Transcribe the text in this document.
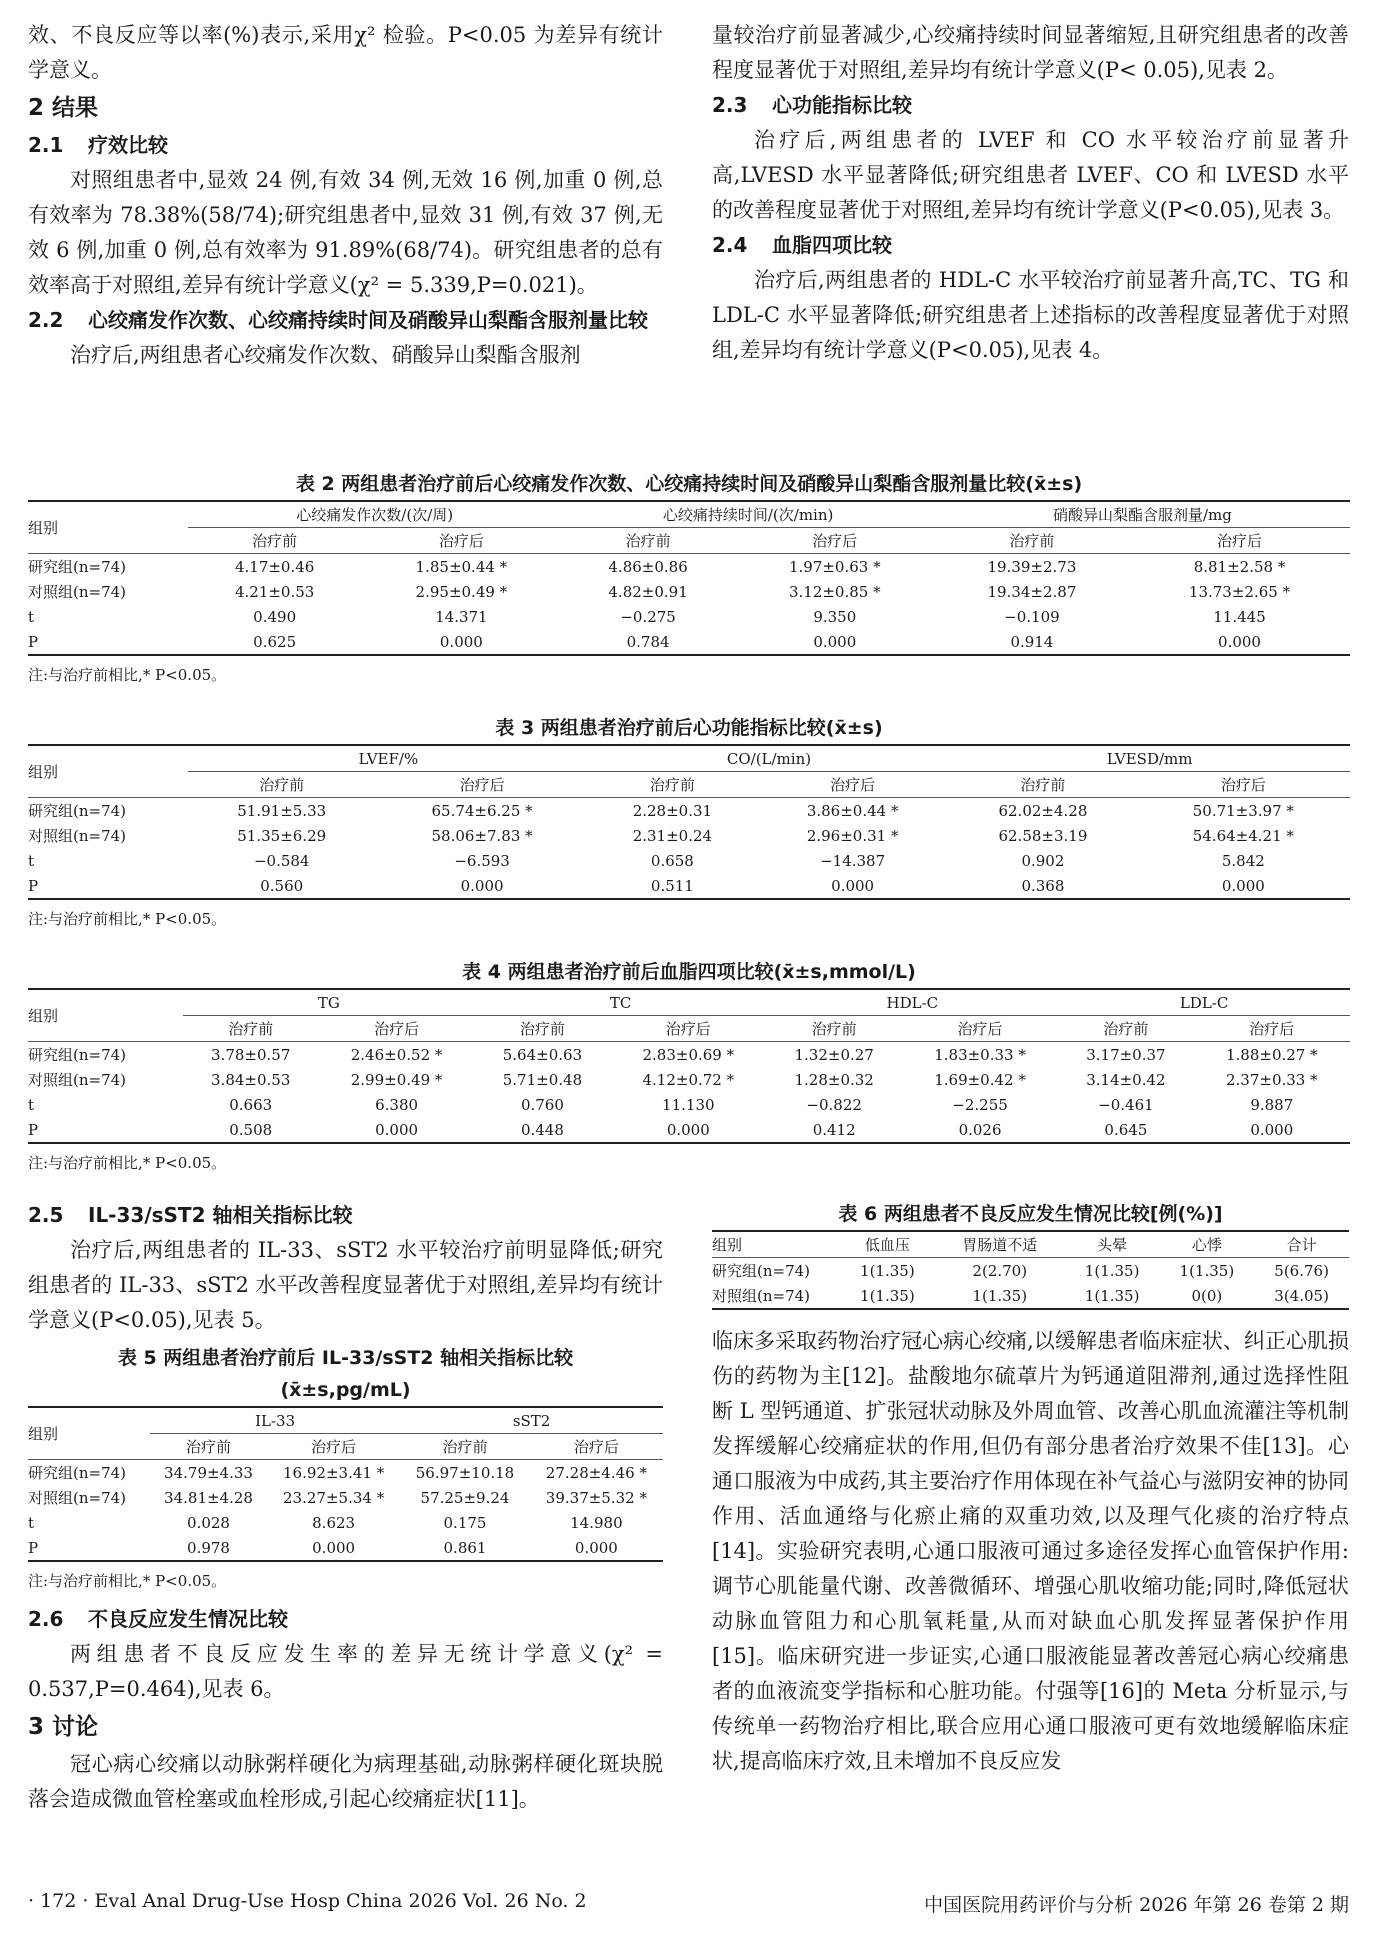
效、不良反应等以率(%)表示,采用χ² 检验。P<0.05 为差异有统计学意义。

2 结果
2.1 疗效比较

对照组患者中,显效 24 例,有效 34 例,无效 16 例,加重 0 例,总有效率为 78.38%(58/74);研究组患者中,显效 31 例,有效 37 例,无效 6 例,加重 0 例,总有效率为 91.89%(68/74)。研究组患者的总有效率高于对照组,差异有统计学意义(χ² = 5.339,P=0.021)。

2.2 心绞痛发作次数、心绞痛持续时间及硝酸异山梨酯含服剂量比较

治疗后,两组患者心绞痛发作次数、硝酸异山梨酯含服剂

量较治疗前显著减少,心绞痛持续时间显著缩短,且研究组患者的改善程度显著优于对照组,差异均有统计学意义(P< 0.05),见表 2。

2.3 心功能指标比较

治疗后,两组患者的 LVEF 和 CO 水平较治疗前显著升高,LVESD 水平显著降低;研究组患者 LVEF、CO 和 LVESD 水平的改善程度显著优于对照组,差异均有统计学意义(P<0.05),见表 3。

2.4 血脂四项比较

治疗后,两组患者的 HDL-C 水平较治疗前显著升高,TC、TG 和 LDL-C 水平显著降低;研究组患者上述指标的改善程度显著优于对照组,差异均有统计学意义(P<0.05),见表 4。

表 2 两组患者治疗前后心绞痛发作次数、心绞痛持续时间及硝酸异山梨酯含服剂量比较(x̄±s)
组别	心绞痛发作次数/(次/周)		心绞痛持续时间/(次/min)		硝酸异山梨酯含服剂量/mg	
	治疗前	治疗后	治疗前	治疗后	治疗前	治疗后
研究组(n=74)	4.17±0.46	1.85±0.44 *	4.86±0.86	1.97±0.63 *	19.39±2.73	8.81±2.58 *
对照组(n=74)	4.21±0.53	2.95±0.49 *	4.82±0.91	3.12±0.85 *	19.34±2.87	13.73±2.65 *
t	0.490	14.371	−0.275	9.350	−0.109	11.445
P	0.625	0.000	0.784	0.000	0.914	0.000
注:与治疗前相比,* P<0.05。
表 3 两组患者治疗前后心功能指标比较(x̄±s)
组别	LVEF/%		CO/(L/min)		LVESD/mm	
	治疗前	治疗后	治疗前	治疗后	治疗前	治疗后
研究组(n=74)	51.91±5.33	65.74±6.25 *	2.28±0.31	3.86±0.44 *	62.02±4.28	50.71±3.97 *
对照组(n=74)	51.35±6.29	58.06±7.83 *	2.31±0.24	2.96±0.31 *	62.58±3.19	54.64±4.21 *
t	−0.584	−6.593	0.658	−14.387	0.902	5.842
P	0.560	0.000	0.511	0.000	0.368	0.000
注:与治疗前相比,* P<0.05。
表 4 两组患者治疗前后血脂四项比较(x̄±s,mmol/L)
组别	TG		TC		HDL-C		LDL-C	
	治疗前	治疗后	治疗前	治疗后	治疗前	治疗后	治疗前	治疗后
研究组(n=74)	3.78±0.57	2.46±0.52 *	5.64±0.63	2.83±0.69 *	1.32±0.27	1.83±0.33 *	3.17±0.37	1.88±0.27 *
对照组(n=74)	3.84±0.53	2.99±0.49 *	5.71±0.48	4.12±0.72 *	1.28±0.32	1.69±0.42 *	3.14±0.42	2.37±0.33 *
t	0.663	6.380	0.760	11.130	−0.822	−2.255	−0.461	9.887
P	0.508	0.000	0.448	0.000	0.412	0.026	0.645	0.000
注:与治疗前相比,* P<0.05。
2.5 IL-33/sST2 轴相关指标比较

治疗后,两组患者的 IL-33、sST2 水平较治疗前明显降低;研究组患者的 IL-33、sST2 水平改善程度显著优于对照组,差异均有统计学意义(P<0.05),见表 5。

表 5 两组患者治疗前后 IL-33/sST2 轴相关指标比较
(x̄±s,pg/mL)
组别	IL-33		sST2	
	治疗前	治疗后	治疗前	治疗后
研究组(n=74)	34.79±4.33	16.92±3.41 *	56.97±10.18	27.28±4.46 *
对照组(n=74)	34.81±4.28	23.27±5.34 *	57.25±9.24	39.37±5.32 *
t	0.028	8.623	0.175	14.980
P	0.978	0.000	0.861	0.000
注:与治疗前相比,* P<0.05。
2.6 不良反应发生情况比较

两组患者不良反应发生率的差异无统计学意义(χ² = 0.537,P=0.464),见表 6。

3 讨论

冠心病心绞痛以动脉粥样硬化为病理基础,动脉粥样硬化斑块脱落会造成微血管栓塞或血栓形成,引起心绞痛症状[11]。

表 6 两组患者不良反应发生情况比较[例(%)]
组别	低血压	胃肠道不适	头晕	心悸	合计
研究组(n=74)	1(1.35)	2(2.70)	1(1.35)	1(1.35)	5(6.76)
对照组(n=74)	1(1.35)	1(1.35)	1(1.35)	0(0)	3(4.05)

临床多采取药物治疗冠心病心绞痛,以缓解患者临床症状、纠正心肌损伤的药物为主[12]。盐酸地尔硫䓬片为钙通道阻滞剂,通过选择性阻断 L 型钙通道、扩张冠状动脉及外周血管、改善心肌血流灌注等机制发挥缓解心绞痛症状的作用,但仍有部分患者治疗效果不佳[13]。心通口服液为中成药,其主要治疗作用体现在补气益心与滋阴安神的协同作用、活血通络与化瘀止痛的双重功效,以及理气化痰的治疗特点[14]。实验研究表明,心通口服液可通过多途径发挥心血管保护作用:调节心肌能量代谢、改善微循环、增强心肌收缩功能;同时,降低冠状动脉血管阻力和心肌氧耗量,从而对缺血心肌发挥显著保护作用[15]。临床研究进一步证实,心通口服液能显著改善冠心病心绞痛患者的血液流变学指标和心脏功能。付强等[16]的 Meta 分析显示,与传统单一药物治疗相比,联合应用心通口服液可更有效地缓解临床症状,提高临床疗效,且未增加不良反应发

· 172 · Eval Anal Drug-Use Hosp China 2026 Vol. 26 No. 2	中国医院用药评价与分析 2026 年第 26 卷第 2 期
